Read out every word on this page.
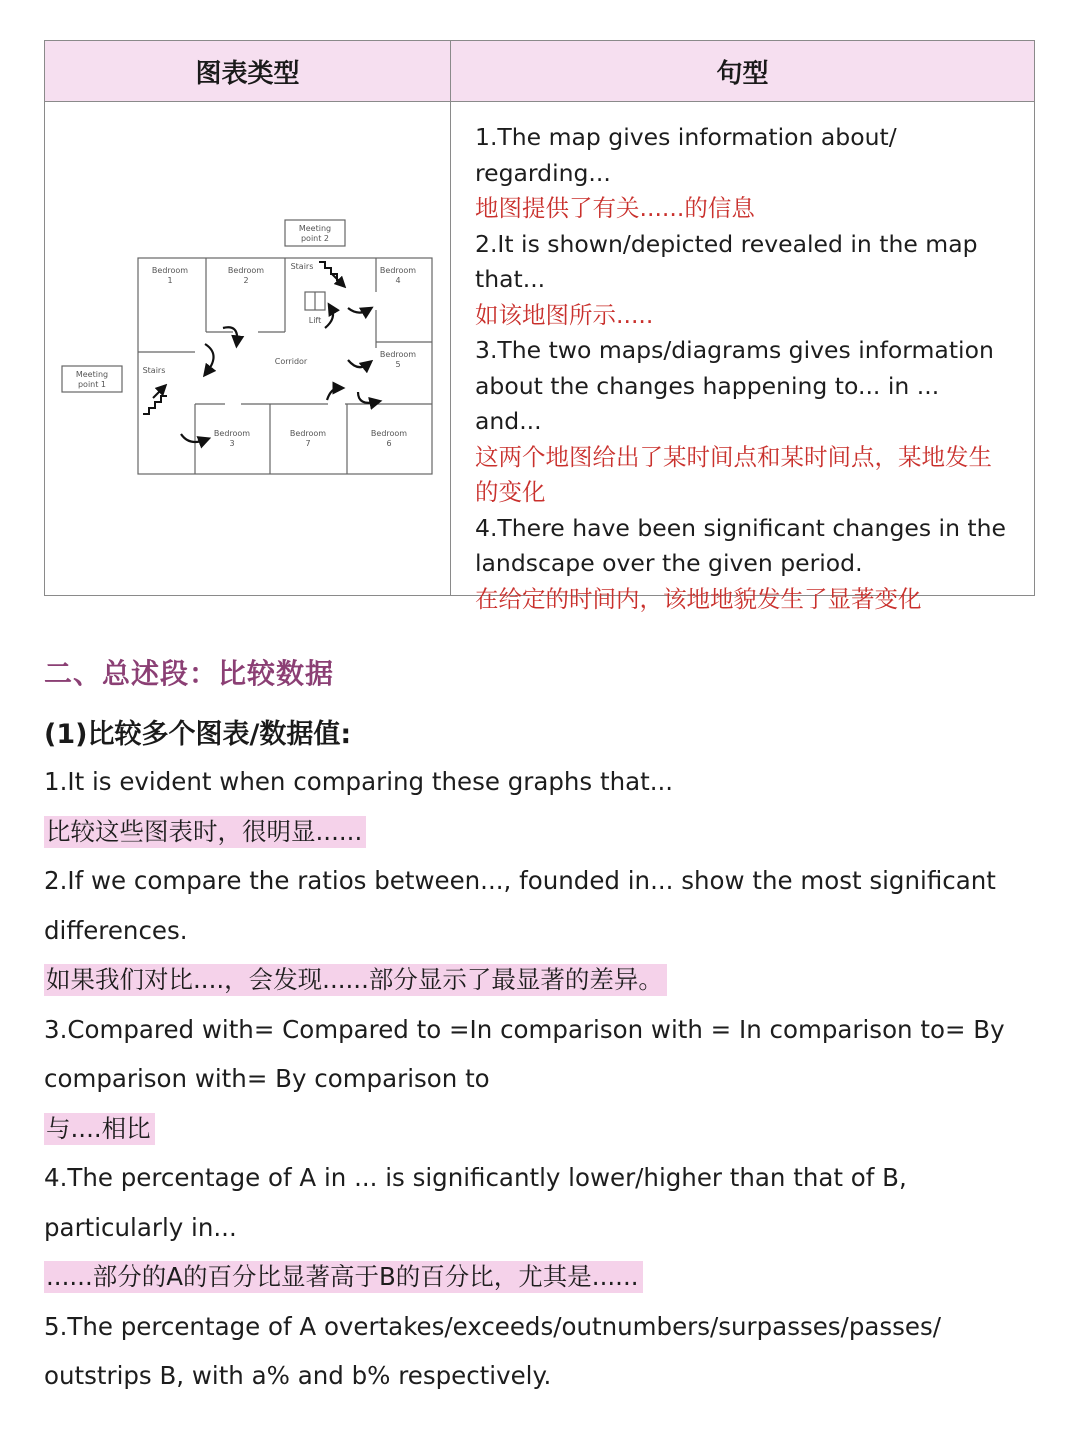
图表类型	句型
Meeting
point 2
Meeting
point 1
Bedroom
1
Bedroom
2
Bedroom
4
Bedroom
5
Bedroom
3
Bedroom
7
Bedroom
6
Stairs
Stairs
Lift
Corridor

1.The map gives information about/ regarding...

地图提供了有关......的信息

2.It is shown/depicted revealed in the map that...

如该地图所示.....

3.The two maps/diagrams gives information about the changes happening to... in ... and...

这两个地图给出了某时间点和某时间点，某地发生的变化

4.There have been significant changes in the landscape over the given period.

在给定的时间内，该地地貌发生了显著变化

二、总述段：比较数据
(1)比较多个图表/数据值:

1.It is evident when comparing these graphs that...

比较这些图表时，很明显......

2.If we compare the ratios between..., founded in... show the most significant

differences.

如果我们对比....，会发现......部分显示了最显著的差异。

3.Compared with= Compared to =In comparison with = In comparison to= By

comparison with= By comparison to

与....相比

4.The percentage of A in ... is significantly lower/higher than that of B,

particularly in...

......部分的A的百分比显著高于B的百分比，尤其是......

5.The percentage of A overtakes/exceeds/outnumbers/surpasses/passes/

outstrips B, with a% and b% respectively.
